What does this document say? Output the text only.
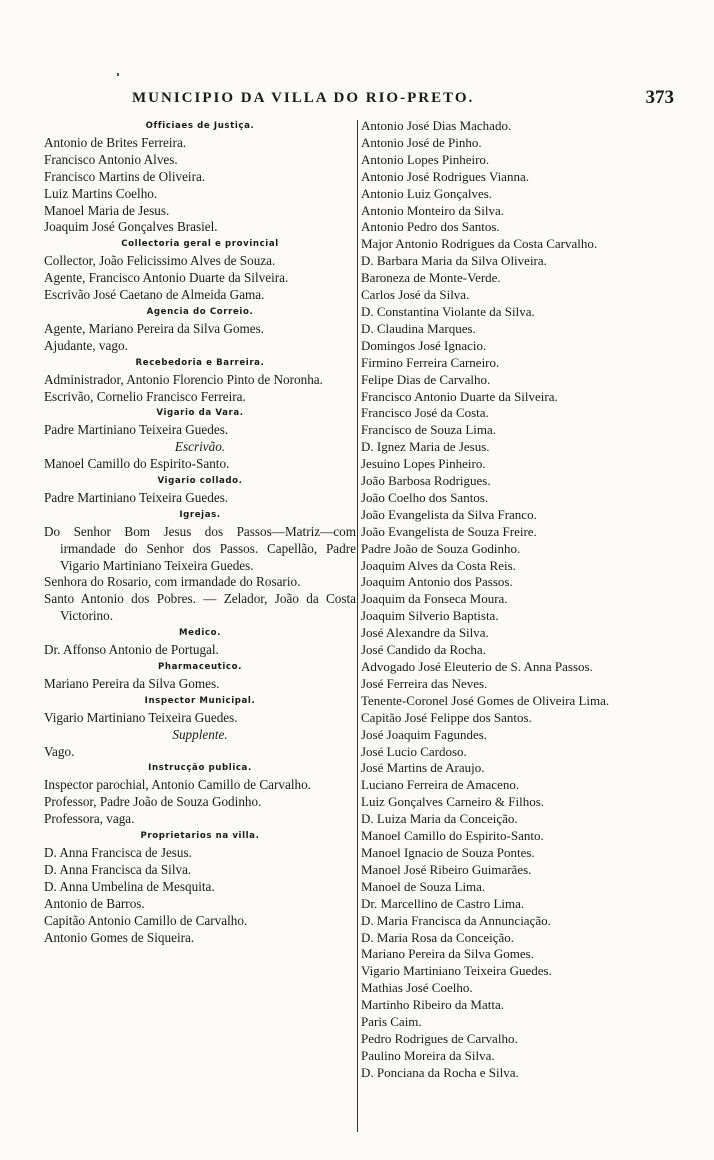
MUNICIPIO DA VILLA DO RIO-PRETO.	373
Officiaes de Justiça.
Antonio de Brites Ferreira.
Francisco Antonio Alves.
Francisco Martins de Oliveira.
Luiz Martins Coelho.
Manoel Maria de Jesus.
Joaquim José Gonçalves Brasiel.
Collectoria geral e provincial
Collector, João Felicissimo Alves de Souza.
Agente, Francisco Antonio Duarte da Silveira.
Escrivão José Caetano de Almeida Gama.
Agencia do Correio.
Agente, Mariano Pereira da Silva Gomes.
Ajudante, vago.
Recebedoria e Barreira.
Administrador, Antonio Florencio Pinto de Noronha.
Escrivão, Cornelio Francisco Ferreira.
Vigario da Vara.
Padre Martiniano Teixeira Guedes.
Escrivão.
Manoel Camillo do Espirito-Santo.
Vigario collado.
Padre Martiniano Teixeira Guedes.
Igrejas.
Do Senhor Bom Jesus dos Passos—Matriz—com irmandade do Senhor dos Passos. Capellão, Padre Vigario Martiniano Teixeira Guedes.
Senhora do Rosario, com irmandade do Rosario.
Santo Antonio dos Pobres. — Zelador, João da Costa Victorino.
Medico.
Dr. Affonso Antonio de Portugal.
Pharmaceutico.
Mariano Pereira da Silva Gomes.
Inspector Municipal.
Vigario Martiniano Teixeira Guedes.
Supplente.
Vago.
Instrucção publica.
Inspector parochial, Antonio Camillo de Carvalho.
Professor, Padre João de Souza Godinho.
Professora, vaga.
Proprietarios na villa.
D. Anna Francisca de Jesus.
D. Anna Francisca da Silva.
D. Anna Umbelina de Mesquita.
Antonio de Barros.
Capitão Antonio Camillo de Carvalho.
Antonio Gomes de Siqueira.
Antonio José Dias Machado.
Antonio José de Pinho.
Antonio Lopes Pinheiro.
Antonio José Rodrigues Vianna.
Antonio Luiz Gonçalves.
Antonio Monteiro da Silva.
Antonio Pedro dos Santos.
Major Antonio Rodrigues da Costa Carvalho.
D. Barbara Maria da Silva Oliveira.
Baroneza de Monte-Verde.
Carlos José da Silva.
D. Constantina Violante da Silva.
D. Claudina Marques.
Domingos José Ignacio.
Firmino Ferreira Carneiro.
Felipe Dias de Carvalho.
Francisco Antonio Duarte da Silveira.
Francisco José da Costa.
Francisco de Souza Lima.
D. Ignez Maria de Jesus.
Jesuino Lopes Pinheiro.
João Barbosa Rodrigues.
João Coelho dos Santos.
João Evangelista da Silva Franco.
João Evangelista de Souza Freire.
Padre João de Souza Godinho.
Joaquim Alves da Costa Reis.
Joaquim Antonio dos Passos.
Joaquim da Fonseca Moura.
Joaquim Silverio Baptista.
José Alexandre da Silva.
José Candido da Rocha.
Advogado José Eleuterio de S. Anna Passos.
José Ferreira das Neves.
Tenente-Coronel José Gomes de Oliveira Lima.
Capitão José Felippe dos Santos.
José Joaquim Fagundes.
José Lucio Cardoso.
José Martins de Araujo.
Luciano Ferreira de Amaceno.
Luiz Gonçalves Carneiro & Filhos.
D. Luiza Maria da Conceição.
Manoel Camillo do Espirito-Santo.
Manoel Ignacio de Souza Pontes.
Manoel José Ribeiro Guimarães.
Manoel de Souza Lima.
Dr. Marcellino de Castro Lima.
D. Maria Francisca da Annunciação.
D. Maria Rosa da Conceição.
Mariano Pereira da Silva Gomes.
Vigario Martiniano Teixeira Guedes.
Mathias José Coelho.
Martinho Ribeiro da Matta.
Paris Caim.
Pedro Rodrigues de Carvalho.
Paulino Moreira da Silva.
D. Ponciana da Rocha e Silva.
